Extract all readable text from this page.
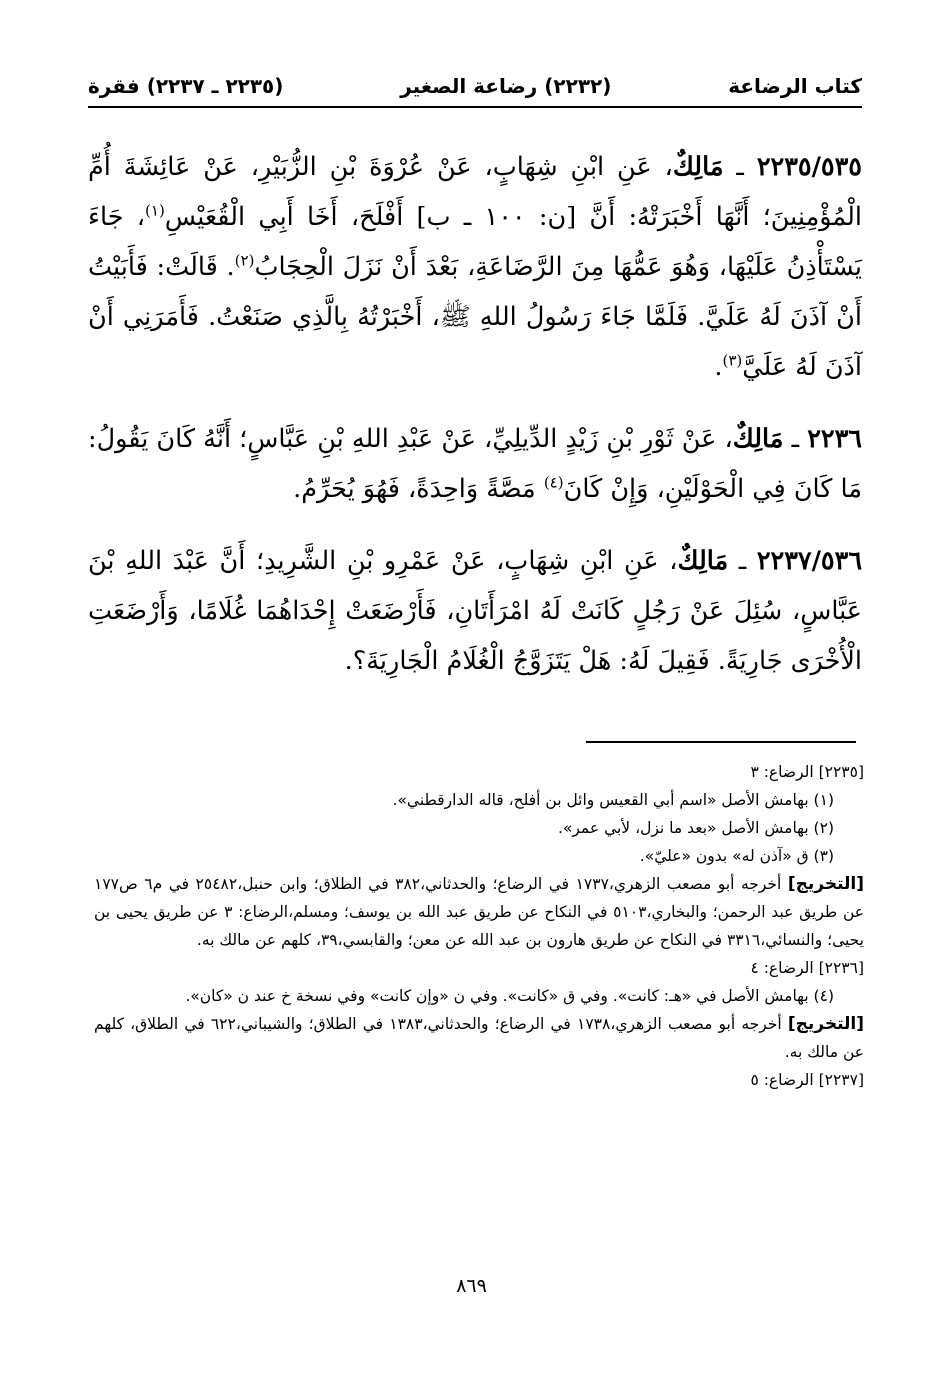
كتاب الرضاعة
(٢٢٣٢) رضاعة الصغير
(٢٢٣٥ ـ ٢٢٣٧) فقرة

٢٢٣٥/٥٣٥ ـ مَالِكٌ، عَنِ ابْنِ شِهَابٍ، عَنْ عُرْوَةَ بْنِ الزُّبَيْرِ، عَنْ عَائِشَةَ أُمِّ الْمُؤْمِنِينَ؛ أَنَّهَا أَخْبَرَتْهُ: أَنَّ [ن: ١٠٠ ـ ب] أَفْلَحَ، أَخَا أَبِي الْقُعَيْسِ$^{(١)}$، جَاءَ يَسْتَأْذِنُ عَلَيْهَا، وَهُوَ عَمُّهَا مِنَ الرَّضَاعَةِ، بَعْدَ أَنْ نَزَلَ الْحِجَابُ$^{(٢)}$. قَالَتْ: فَأَبَيْتُ أَنْ آذَنَ لَهُ عَلَيَّ. فَلَمَّا جَاءَ رَسُولُ اللهِ ﷺ، أَخْبَرْتُهُ بِالَّذِي صَنَعْتُ. فَأَمَرَنِي أَنْ آذَنَ لَهُ عَلَيَّ$^{(٣)}$.

٢٢٣٦ ـ مَالِكٌ، عَنْ ثَوْرِ بْنِ زَيْدٍ الدِّيلِيِّ، عَنْ عَبْدِ اللهِ بْنِ عَبَّاسٍ؛ أَنَّهُ كَانَ يَقُولُ: مَا كَانَ فِي الْحَوْلَيْنِ، وَإِنْ كَانَ$^{(٤)}$ مَصَّةً وَاحِدَةً، فَهُوَ يُحَرِّمُ.

٢٢٣٧/٥٣٦ ـ مَالِكٌ، عَنِ ابْنِ شِهَابٍ، عَنْ عَمْرِو بْنِ الشَّرِيدِ؛ أَنَّ عَبْدَ اللهِ بْنَ عَبَّاسٍ، سُئِلَ عَنْ رَجُلٍ كَانَتْ لَهُ امْرَأَتَانِ، فَأَرْضَعَتْ إِحْدَاهُمَا غُلَامًا، وَأَرْضَعَتِ الْأُخْرَى جَارِيَةً. فَقِيلَ لَهُ: هَلْ يَتَزَوَّجُ الْغُلَامُ الْجَارِيَةَ؟.

[٢٢٣٥] الرضاع: ٣

(١) بهامش الأصل «اسم أبي القعيس وائل بن أفلح، قاله الدارقطني».

(٢) بهامش الأصل «بعد ما نزل، لأبي عمر».

(٣) ق «آذن له» بدون «عليّ».

[التخريج] أخرجه أبو مصعب الزهري،١٧٣٧ في الرضاع؛ والحدثاني،٣٨٢ في الطلاق؛ وابن حنبل،٢٥٤٨٢ في م٦ ص١٧٧ عن طريق عبد الرحمن؛ والبخاري،٥١٠٣ في النكاح عن طريق عبد الله بن يوسف؛ ومسلم،الرضاع: ٣ عن طريق يحيى بن يحيى؛ والنسائي،٣٣١٦ في النكاح عن طريق هارون بن عبد الله عن معن؛ والقابسي،٣٩، كلهم عن مالك به.

[٢٢٣٦] الرضاع: ٤

(٤) بهامش الأصل في «هـ: كانت». وفي ق «كانت». وفي ن «وإن كانت» وفي نسخة خ عند ن «كان».

[التخريج] أخرجه أبو مصعب الزهري،١٧٣٨ في الرضاع؛ والحدثاني،١٣٨٣ في الطلاق؛ والشيباني،٦٢٢ في الطلاق، كلهم عن مالك به.

[٢٢٣٧] الرضاع: ٥

٨٦٩
